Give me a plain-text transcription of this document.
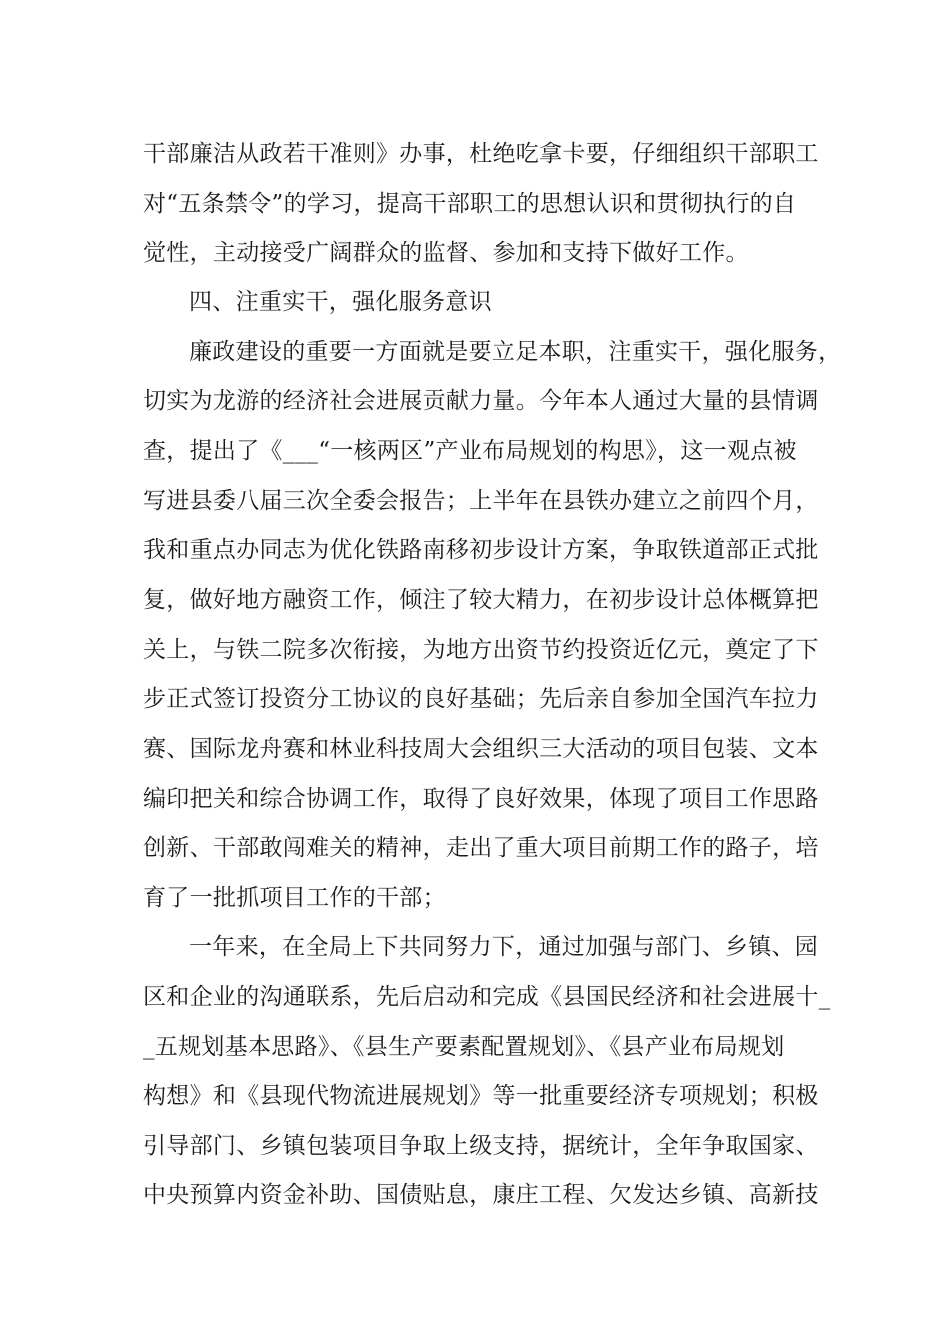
干部廉洁从政若干准则》办事，杜绝吃拿卡要，仔细组织干部职工
对“五条禁令”的学习，提高干部职工的思想认识和贯彻执行的自
觉性，主动接受广阔群众的监督、参加和支持下做好工作。
四、注重实干，强化服务意识
廉政建设的重要一方面就是要立足本职，注重实干，强化服务，
切实为龙游的经济社会进展贡献力量。今年本人通过大量的县情调
查，提出了《___“一核两区”产业布局规划的构思》，这一观点被
写进县委八届三次全委会报告；上半年在县铁办建立之前四个月，
我和重点办同志为优化铁路南移初步设计方案，争取铁道部正式批
复，做好地方融资工作，倾注了较大精力，在初步设计总体概算把
关上，与铁二院多次衔接，为地方出资节约投资近亿元，奠定了下
步正式签订投资分工协议的良好基础；先后亲自参加全国汽车拉力
赛、国际龙舟赛和林业科技周大会组织三大活动的项目包装、文本
编印把关和综合协调工作，取得了良好效果，体现了项目工作思路
创新、干部敢闯难关的精神，走出了重大项目前期工作的路子，培
育了一批抓项目工作的干部；
一年来，在全局上下共同努力下，通过加强与部门、乡镇、园
区和企业的沟通联系，先后启动和完成《县国民经济和社会进展十_
_五规划基本思路》、《县生产要素配置规划》、《县产业布局规划
构想》和《县现代物流进展规划》等一批重要经济专项规划；积极
引导部门、乡镇包装项目争取上级支持，据统计，全年争取国家、
中央预算内资金补助、国债贴息，康庄工程、欠发达乡镇、高新技
